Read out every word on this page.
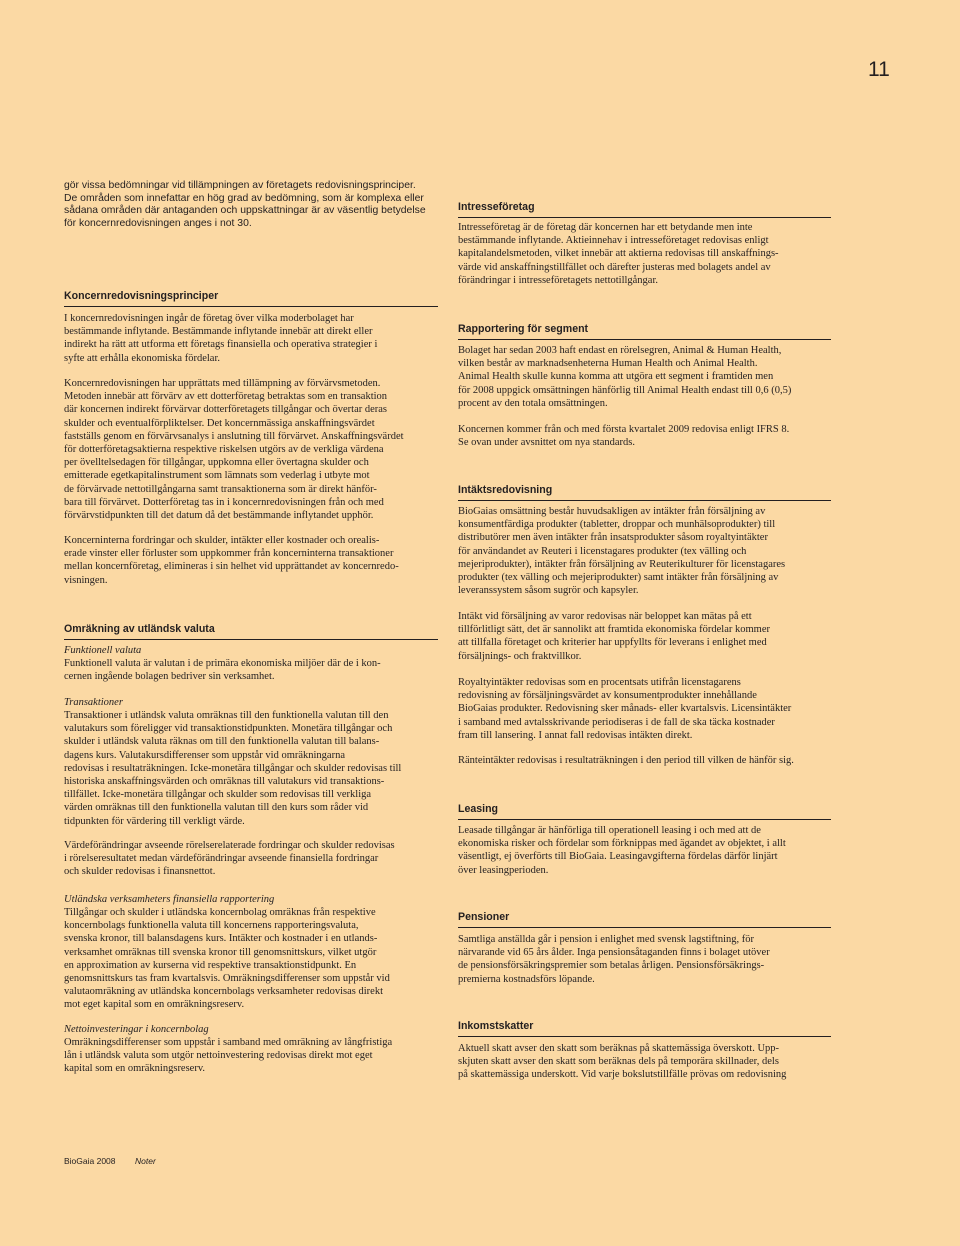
11

gör vissa bedömningar vid tillämpningen av företagets redovisningsprinciper.
De områden som innefattar en hög grad av bedömning, som är komplexa eller
sådana områden där antaganden och uppskattningar är av väsentlig betydelse
för koncernredovisningen anges i not 30.

Koncernredovisningsprinciper

I koncernredovisningen ingår de företag över vilka moderbolaget har
bestämmande inflytande. Bestämmande inflytande innebär att direkt eller
indirekt ha rätt att utforma ett företags finansiella och operativa strategier i
syfte att erhålla ekonomiska fördelar.

Koncernredovisningen har upprättats med tillämpning av förvärvsmetoden.
Metoden innebär att förvärv av ett dotterföretag betraktas som en transaktion
där koncernen indirekt förvärvar dotterföretagets tillgångar och övertar deras
skulder och eventualförpliktelser. Det koncernmässiga anskaffningsvärdet
fastställs genom en förvärvsanalys i anslutning till förvärvet. Anskaffningsvärdet
för dotterföretagsaktierna respektive riskelsen utgörs av de verkliga värdena
per övelltelsedagen för tillgångar, uppkomna eller övertagna skulder och
emitterade egetkapitalinstrument som lämnats som vederlag i utbyte mot
de förvärvade nettotillgångarna samt transaktionerna som är direkt hänför-
bara till förvärvet. Dotterföretag tas in i koncernredovisningen från och med
förvärvstidpunkten till det datum då det bestämmande inflytandet upphör.

Koncerninterna fordringar och skulder, intäkter eller kostnader och orealis-
erade vinster eller förluster som uppkommer från koncerninterna transaktioner
mellan koncernföretag, elimineras i sin helhet vid upprättandet av koncernredo-
visningen.

Omräkning av utländsk valuta
Funktionell valuta

Funktionell valuta är valutan i de primära ekonomiska miljöer där de i kon-
cernen ingående bolagen bedriver sin verksamhet.

Transaktioner

Transaktioner i utländsk valuta omräknas till den funktionella valutan till den
valutakurs som föreligger vid transaktionstidpunkten. Monetära tillgångar och
skulder i utländsk valuta räknas om till den funktionella valutan till balans-
dagens kurs. Valutakursdifferenser som uppstår vid omräkningarna
redovisas i resultaträkningen. Icke-monetära tillgångar och skulder redovisas till
historiska anskaffningsvärden och omräknas till valutakurs vid transaktions-
tillfället. Icke-monetära tillgångar och skulder som redovisas till verkliga
värden omräknas till den funktionella valutan till den kurs som råder vid
tidpunkten för värdering till verkligt värde.

Värdeförändringar avseende rörelserelaterade fordringar och skulder redovisas
i rörelseresultatet medan värdeförändringar avseende finansiella fordringar
och skulder redovisas i finansnettot.

Utländska verksamheters finansiella rapportering

Tillgångar och skulder i utländska koncernbolag omräknas från respektive
koncernbolags funktionella valuta till koncernens rapporteringsvaluta,
svenska kronor, till balansdagens kurs. Intäkter och kostnader i en utlands-
verksamhet omräknas till svenska kronor till genomsnittskurs, vilket utgör
en approximation av kurserna vid respektive transaktionstidpunkt. En
genomsnittskurs tas fram kvartalsvis. Omräkningsdifferenser som uppstår vid
valutaomräkning av utländska koncernbolags verksamheter redovisas direkt
mot eget kapital som en omräkningsreserv.

Nettoinvesteringar i koncernbolag

Omräkningsdifferenser som uppstår i samband med omräkning av långfristiga
lån i utländsk valuta som utgör nettoinvestering redovisas direkt mot eget
kapital som en omräkningsreserv.

Intresseföretag

Intresseföretag är de företag där koncernen har ett betydande men inte
bestämmande inflytande. Aktieinnehav i intresseföretaget redovisas enligt
kapitalandelsmetoden, vilket innebär att aktierna redovisas till anskaffnings-
värde vid anskaffningstillfället och därefter justeras med bolagets andel av
förändringar i intresseföretagets nettotillgångar.

Rapportering för segment

Bolaget har sedan 2003 haft endast en rörelsegren, Animal & Human Health,
vilken består av marknadsenheterna Human Health och Animal Health.
Animal Health skulle kunna komma att utgöra ett segment i framtiden men
för 2008 uppgick omsättningen hänförlig till Animal Health endast till 0,6 (0,5)
procent av den totala omsättningen.

Koncernen kommer från och med första kvartalet 2009 redovisa enligt IFRS 8.
Se ovan under avsnittet om nya standards.

Intäktsredovisning

BioGaias omsättning består huvudsakligen av intäkter från försäljning av
konsumentfärdiga produkter (tabletter, droppar och munhälsoprodukter) till
distributörer men även intäkter från insatsprodukter såsom royaltyintäkter
för användandet av Reuteri i licenstagares produkter (tex välling och
mejeriprodukter), intäkter från försäljning av Reuterikulturer för licenstagares
produkter (tex välling och mejeriprodukter) samt intäkter från försäljning av
leveranssystem såsom sugrör och kapsyler.

Intäkt vid försäljning av varor redovisas när beloppet kan mätas på ett
tillförlitligt sätt, det är sannolikt att framtida ekonomiska fördelar kommer
att tillfalla företaget och kriterier har uppfyllts för leverans i enlighet med
försäljnings- och fraktvillkor.

Royaltyintäkter redovisas som en procentsats utifrån licenstagarens
redovisning av försäljningsvärdet av konsumentprodukter innehållande
BioGaias produkter. Redovisning sker månads- eller kvartalsvis. Licensintäkter
i samband med avtalsskrivande periodiseras i de fall de ska täcka kostnader
fram till lansering. I annat fall redovisas intäkten direkt.

Ränteintäkter redovisas i resultaträkningen i den period till vilken de hänför sig.

Leasing

Leasade tillgångar är hänförliga till operationell leasing i och med att de
ekonomiska risker och fördelar som förknippas med ägandet av objektet, i allt
väsentligt, ej överförts till BioGaia. Leasingavgifterna fördelas därför linjärt
över leasingperioden.

Pensioner

Samtliga anställda går i pension i enlighet med svensk lagstiftning, för
närvarande vid 65 års ålder. Inga pensionsåtaganden finns i bolaget utöver
de pensionsförsäkringspremier som betalas årligen. Pensionsförsäkrings-
premierna kostnadsförs löpande.

Inkomstskatter

Aktuell skatt avser den skatt som beräknas på skattemässiga överskott. Upp-
skjuten skatt avser den skatt som beräknas dels på temporära skillnader, dels
på skattemässiga underskott. Vid varje bokslutstillfälle prövas om redovisning

BioGaia 2008 Noter
